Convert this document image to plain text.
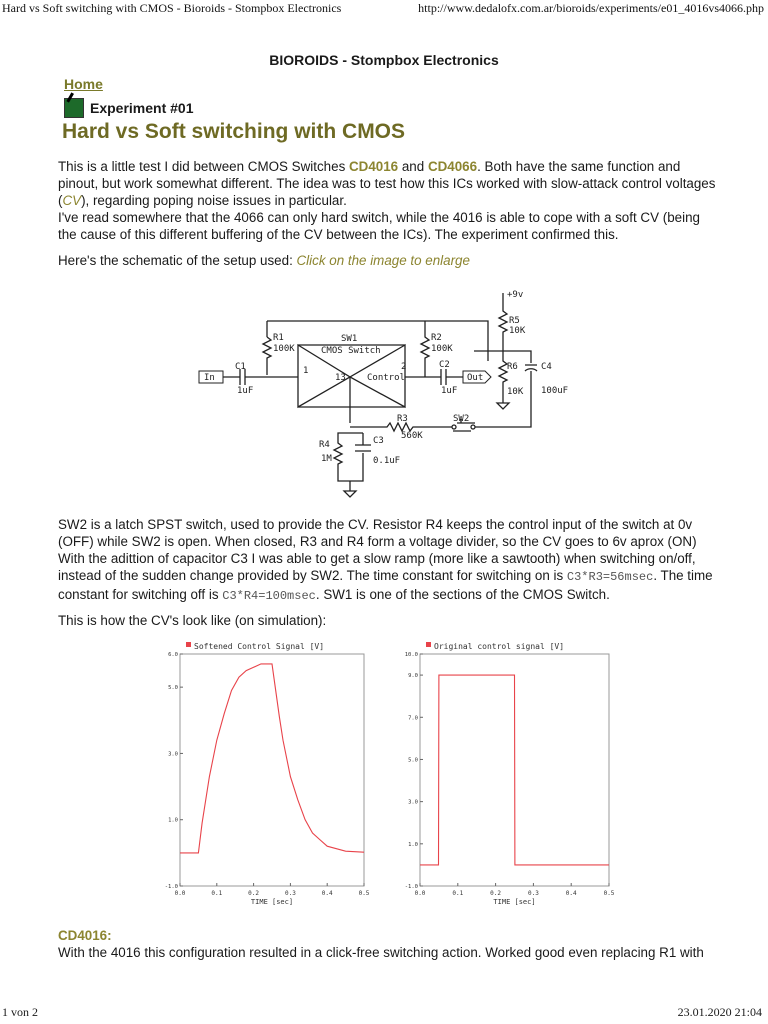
Hard vs Soft switching with CMOS - Bioroids - Stompbox Electronics	http://www.dedalofx.com.ar/bioroids/experiments/e01_4016vs4066.php
BIOROIDS - Stompbox Electronics
Home
Experiment #01
Hard vs Soft switching with CMOS
This is a little test I did between CMOS Switches CD4016 and CD4066. Both have the same function and pinout, but work somewhat different. The idea was to test how this ICs worked with slow-attack control voltages (CV), regarding poping noise issues in particular.
I've read somewhere that the 4066 can only hard switch, while the 4016 is able to cope with a soft CV (being the cause of this different buffering of the CV between the ICs). The experiment confirmed this.
Here's the schematic of the setup used: Click on the image to enlarge
In	Out
R1
100K
SW1
CMOS Switch
R2
100K
+9v
R5
10K
R6
10K
C4
100uF
C1
1uF
C2
1uF
1	2
13 Control
R3
560K
SW2
R4
1M
C3
0.1uF
SW2 is a latch SPST switch, used to provide the CV. Resistor R4 keeps the control input of the switch at 0v (OFF) while SW2 is open. When closed, R3 and R4 form a voltage divider, so the CV goes to 6v aprox (ON) With the adittion of capacitor C3 I was able to get a slow ramp (more like a sawtooth) when switching on/off, instead of the sudden change provided by SW2. The time constant for switching on is C3*R3=56msec. The time constant for switching off is C3*R4=100msec. SW1 is one of the sections of the CMOS Switch.
This is how the CV's look like (on simulation):
Softened Control Signal [V]
-1.0
1.0
3.0
5.0
6.0
0.0	0.1	0.2	0.3	0.4	0.5
TIME [sec]
Original control signal [V]
-1.0
1.0
3.0
5.0
7.0
9.0
10.0
0.0	0.1	0.2	0.3	0.4	0.5
TIME [sec]
CD4016:
With the 4016 this configuration resulted in a click-free switching action. Worked good even replacing R1 with
1 von 2	23.01.2020 21:04
